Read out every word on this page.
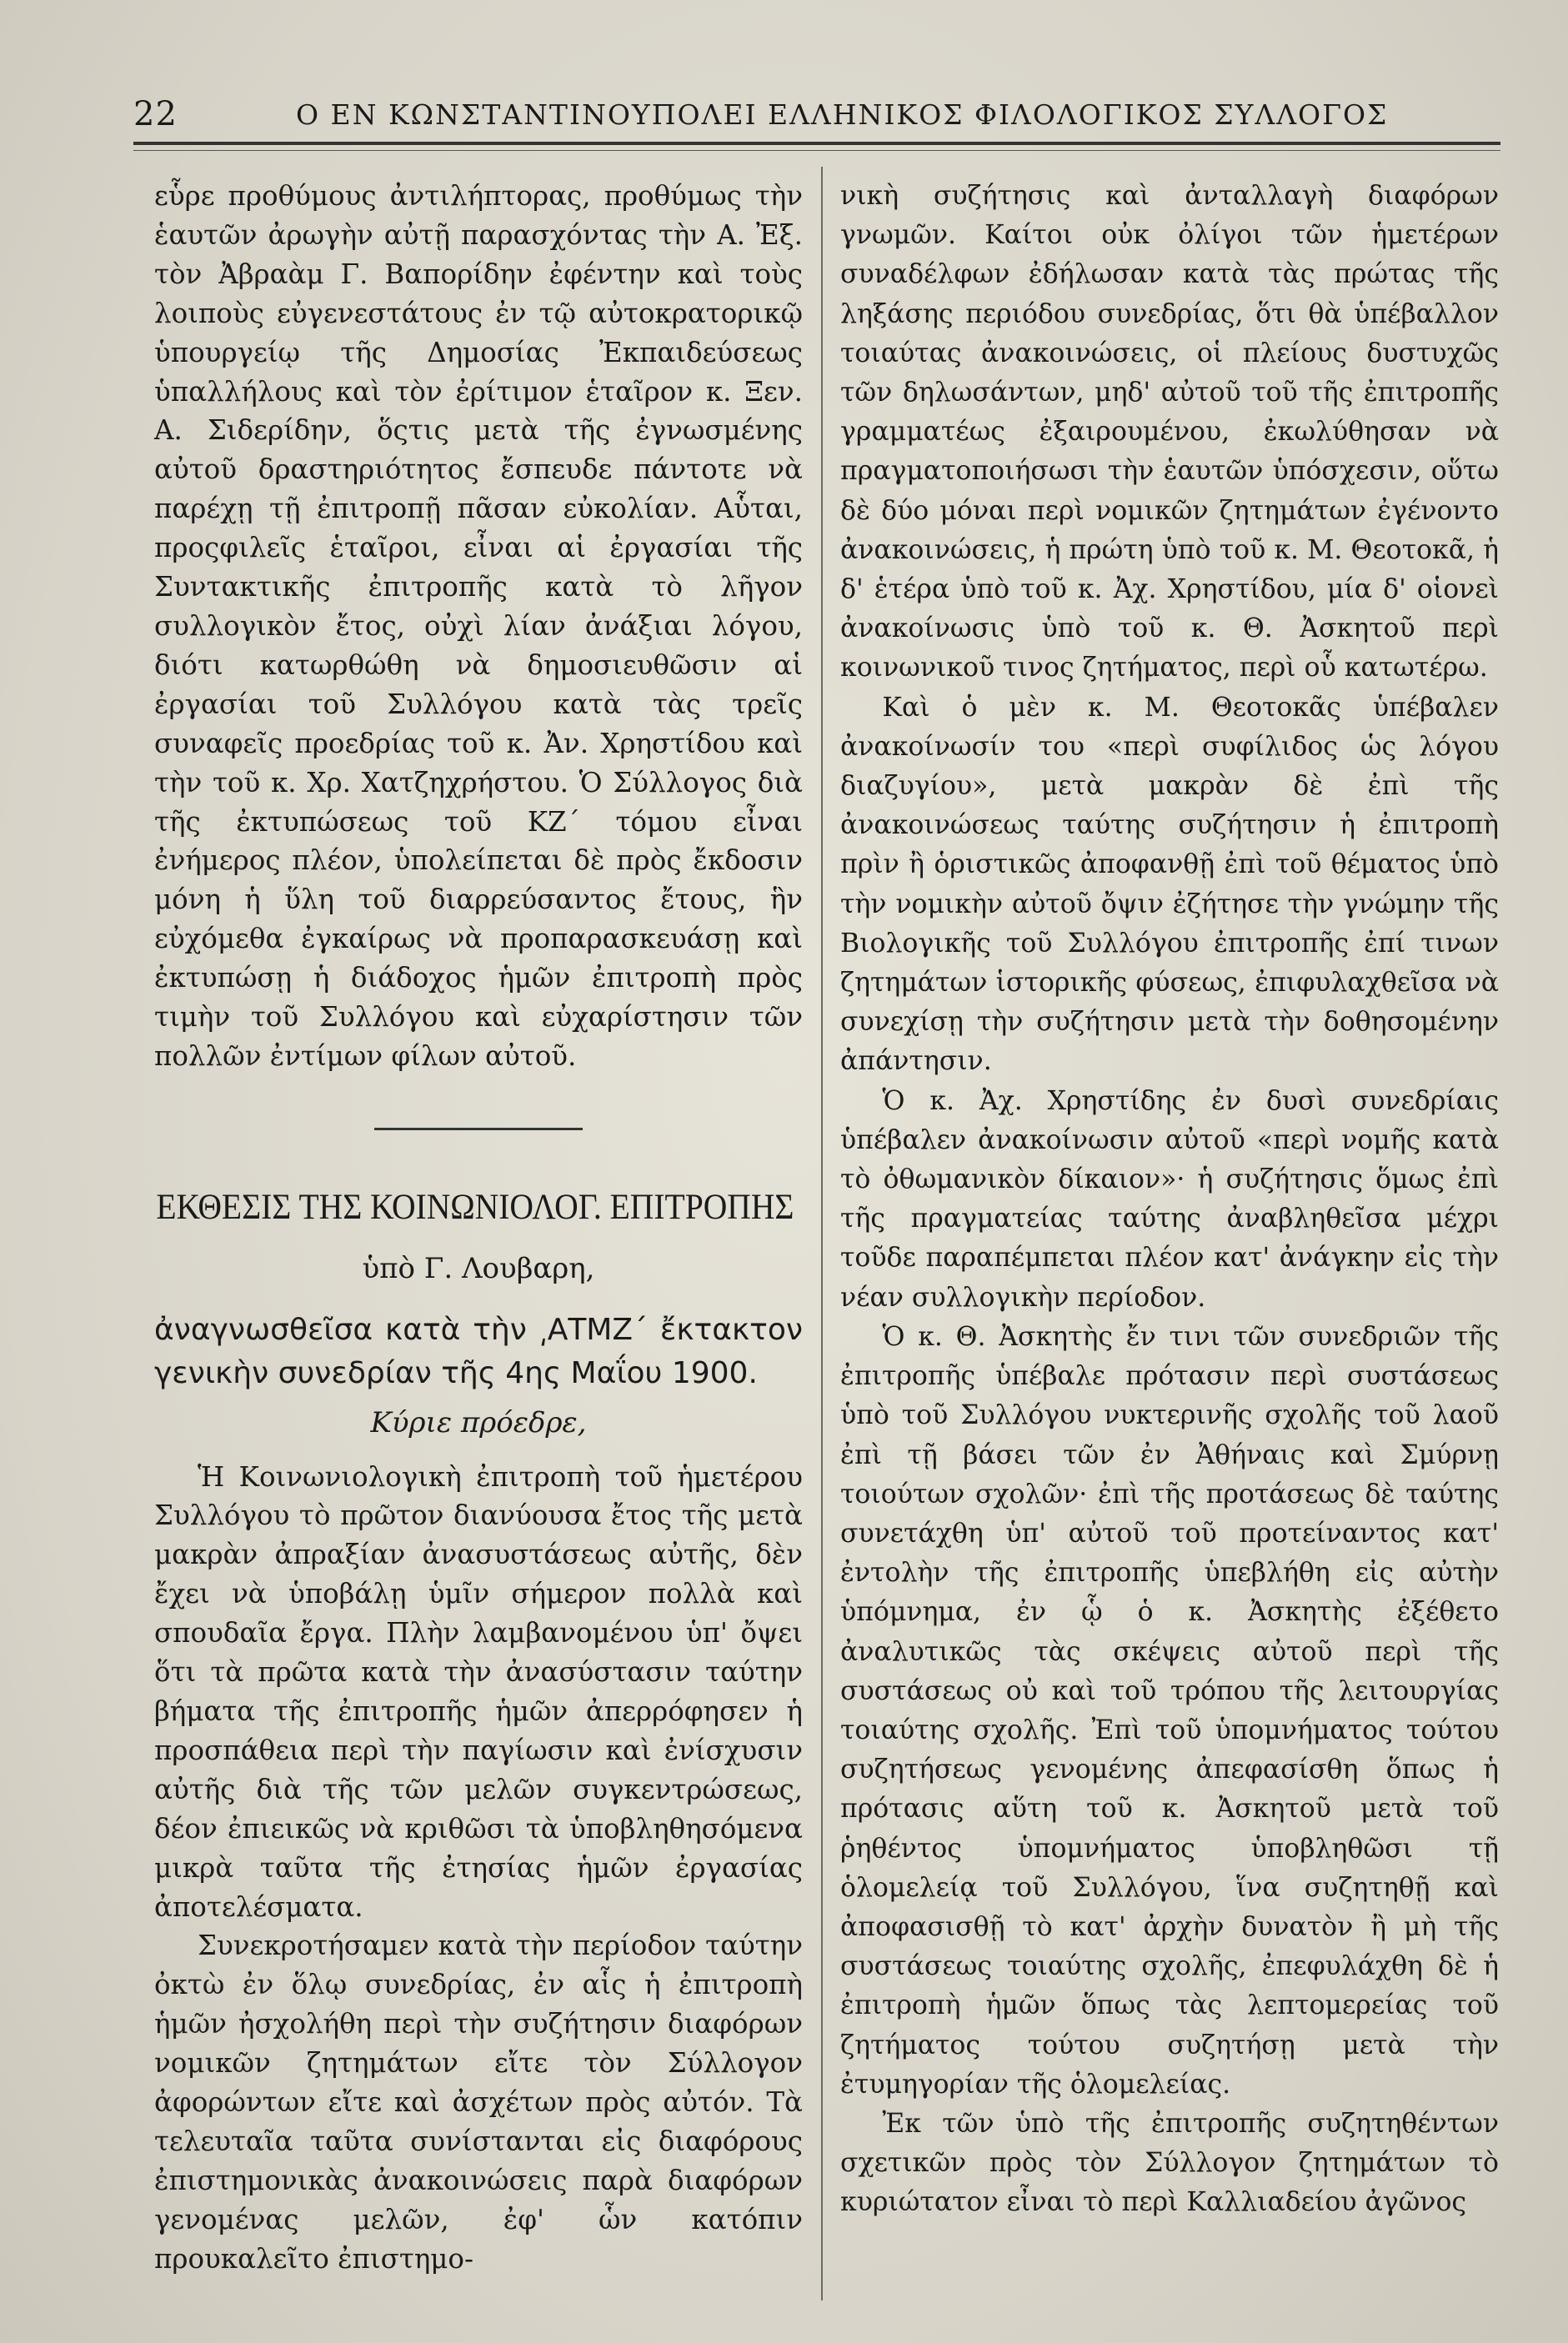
22	Ο ΕΝ ΚΩΝΣΤΑΝΤΙΝΟΥΠΟΛΕΙ ΕΛΛΗΝΙΚΟΣ ΦΙΛΟΛΟΓΙΚΟΣ ΣΥΛΛΟΓΟΣ

εὗρε προθύμους ἀντιλήπτορας, προθύμως τὴν ἑαυτῶν ἀρωγὴν αὐτῇ παρασχόντας τὴν Α. Ἐξ. τὸν Ἀβραὰμ Γ. Βαπορίδην ἐφέντην καὶ τοὺς λοιποὺς εὐγενεστάτους ἐν τῷ αὐτοκρατορικῷ ὑπουργείῳ τῆς Δημοσίας Ἐκπαιδεύσεως ὑπαλλήλους καὶ τὸν ἐρίτιμον ἑταῖρον κ. Ξεν. Α. Σιδερίδην, ὅςτις μετὰ τῆς ἐγνωσμένης αὐτοῦ δραστηριότητος ἔσπευδε πάντοτε νὰ παρέχῃ τῇ ἐπιτροπῇ πᾶσαν εὐκολίαν. Αὗται, προςφιλεῖς ἑταῖροι, εἶναι αἱ ἐργασίαι τῆς Συντακτικῆς ἐπιτροπῆς κατὰ τὸ λῆγον συλλογικὸν ἔτος, οὐχὶ λίαν ἀνάξιαι λόγου, διότι κατωρθώθη νὰ δημοσιευθῶσιν αἱ ἐργασίαι τοῦ Συλλόγου κατὰ τὰς τρεῖς συναφεῖς προεδρίας τοῦ κ. Ἀν. Χρηστίδου καὶ τὴν τοῦ κ. Χρ. Χατζηχρήστου. Ὁ Σύλλογος διὰ τῆς ἐκτυπώσεως τοῦ ΚΖ΄ τόμου εἶναι ἐνήμερος πλέον, ὑπολείπεται δὲ πρὸς ἔκδοσιν μόνη ἡ ὕλη τοῦ διαρρεύσαντος ἔτους, ἣν εὐχόμεθα ἐγκαίρως νὰ προπαρασκευάσῃ καὶ ἐκτυπώσῃ ἡ διάδοχος ἡμῶν ἐπιτροπὴ πρὸς τιμὴν τοῦ Συλλόγου καὶ εὐχαρίστησιν τῶν πολλῶν ἐντίμων φίλων αὐτοῦ.

ΕΚΘΕΣΙΣ ΤΗΣ ΚΟΙΝΩΝΙΟΛΟΓ. ΕΠΙΤΡΟΠΗΣ
ὑπὸ Γ. Λουβαρη,

ἀναγνωσθεῖσα κατὰ τὴν ͵ΑΤΜΖ΄ ἔκτακτον γενικὴν συνεδρίαν τῆς 4ης Μαΐου 1900.

Κύριε πρόεδρε,

Ἡ Κοινωνιολογικὴ ἐπιτροπὴ τοῦ ἡμετέρου Συλλόγου τὸ πρῶτον διανύουσα ἔτος τῆς μετὰ μακρὰν ἀπραξίαν ἀνασυστάσεως αὐτῆς, δὲν ἔχει νὰ ὑποβάλῃ ὑμῖν σήμερον πολλὰ καὶ σπουδαῖα ἔργα. Πλὴν λαμβανομένου ὑπ' ὄψει ὅτι τὰ πρῶτα κατὰ τὴν ἀνασύστασιν ταύτην βήματα τῆς ἐπιτροπῆς ἡμῶν ἀπερρόφησεν ἡ προσπάθεια περὶ τὴν παγίωσιν καὶ ἐνίσχυσιν αὐτῆς διὰ τῆς τῶν μελῶν συγκεντρώσεως, δέον ἐπιεικῶς νὰ κριθῶσι τὰ ὑποβληθησόμενα μικρὰ ταῦτα τῆς ἐτησίας ἡμῶν ἐργασίας ἀποτελέσματα.

Συνεκροτήσαμεν κατὰ τὴν περίοδον ταύτην ὀκτὼ ἐν ὅλῳ συνεδρίας, ἐν αἷς ἡ ἐπιτροπὴ ἡμῶν ἠσχολήθη περὶ τὴν συζήτησιν διαφόρων νομικῶν ζητημάτων εἴτε τὸν Σύλλογον ἀφορώντων εἴτε καὶ ἀσχέτων πρὸς αὐτόν. Τὰ τελευταῖα ταῦτα συνίστανται εἰς διαφόρους ἐπιστημονικὰς ἀνακοινώσεις παρὰ διαφόρων γενομένας μελῶν, ἐφ' ὧν κατόπιν προυκαλεῖτο ἐπιστημο-

νικὴ συζήτησις καὶ ἀνταλλαγὴ διαφόρων γνωμῶν. Καίτοι οὐκ ὀλίγοι τῶν ἡμετέρων συναδέλφων ἐδήλωσαν κατὰ τὰς πρώτας τῆς ληξάσης περιόδου συνεδρίας, ὅτι θὰ ὑπέβαλλον τοιαύτας ἀνακοινώσεις, οἱ πλείους δυστυχῶς τῶν δηλωσάντων, μηδ' αὐτοῦ τοῦ τῆς ἐπιτροπῆς γραμματέως ἐξαιρουμένου, ἐκωλύθησαν νὰ πραγματοποιήσωσι τὴν ἑαυτῶν ὑπόσχεσιν, οὕτω δὲ δύο μόναι περὶ νομικῶν ζητημάτων ἐγένοντο ἀνακοινώσεις, ἡ πρώτη ὑπὸ τοῦ κ. Μ. Θεοτοκᾶ, ἡ δ' ἑτέρα ὑπὸ τοῦ κ. Ἀχ. Χρηστίδου, μία δ' οἱονεὶ ἀνακοίνωσις ὑπὸ τοῦ κ. Θ. Ἀσκητοῦ περὶ κοινωνικοῦ τινος ζητήματος, περὶ οὗ κατωτέρω.

Καὶ ὁ μὲν κ. Μ. Θεοτοκᾶς ὑπέβαλεν ἀνακοίνωσίν του «περὶ συφίλιδος ὡς λόγου διαζυγίου», μετὰ μακρὰν δὲ ἐπὶ τῆς ἀνακοινώσεως ταύτης συζήτησιν ἡ ἐπιτροπὴ πρὶν ἢ ὁριστικῶς ἀποφανθῇ ἐπὶ τοῦ θέματος ὑπὸ τὴν νομικὴν αὐτοῦ ὄψιν ἐζήτησε τὴν γνώμην τῆς Βιολογικῆς τοῦ Συλλόγου ἐπιτροπῆς ἐπί τινων ζητημάτων ἱστορικῆς φύσεως, ἐπιφυλαχθεῖσα νὰ συνεχίσῃ τὴν συζήτησιν μετὰ τὴν δοθησομένην ἀπάντησιν.

Ὁ κ. Ἀχ. Χρηστίδης ἐν δυσὶ συνεδρίαις ὑπέβαλεν ἀνακοίνωσιν αὐτοῦ «περὶ νομῆς κατὰ τὸ ὀθωμανικὸν δίκαιον»· ἡ συζήτησις ὅμως ἐπὶ τῆς πραγματείας ταύτης ἀναβληθεῖσα μέχρι τοῦδε παραπέμπεται πλέον κατ' ἀνάγκην εἰς τὴν νέαν συλλογικὴν περίοδον.

Ὁ κ. Θ. Ἀσκητὴς ἔν τινι τῶν συνεδριῶν τῆς ἐπιτροπῆς ὑπέβαλε πρότασιν περὶ συστάσεως ὑπὸ τοῦ Συλλόγου νυκτερινῆς σχολῆς τοῦ λαοῦ ἐπὶ τῇ βάσει τῶν ἐν Ἀθήναις καὶ Σμύρνῃ τοιούτων σχολῶν· ἐπὶ τῆς προτάσεως δὲ ταύτης συνετάχθη ὑπ' αὐτοῦ τοῦ προτείναντος κατ' ἐντολὴν τῆς ἐπιτροπῆς ὑπεβλήθη εἰς αὐτὴν ὑπόμνημα, ἐν ᾧ ὁ κ. Ἀσκητὴς ἐξέθετο ἀναλυτικῶς τὰς σκέψεις αὐτοῦ περὶ τῆς συστάσεως οὐ καὶ τοῦ τρόπου τῆς λειτουργίας τοιαύτης σχολῆς. Ἐπὶ τοῦ ὑπομνήματος τούτου συζητήσεως γενομένης ἀπεφασίσθη ὅπως ἡ πρότασις αὕτη τοῦ κ. Ἀσκητοῦ μετὰ τοῦ ῥηθέντος ὑπομνήματος ὑποβληθῶσι τῇ ὁλομελείᾳ τοῦ Συλλόγου, ἵνα συζητηθῇ καὶ ἀποφασισθῇ τὸ κατ' ἀρχὴν δυνατὸν ἢ μὴ τῆς συστάσεως τοιαύτης σχολῆς, ἐπεφυλάχθη δὲ ἡ ἐπιτροπὴ ἡμῶν ὅπως τὰς λεπτομερείας τοῦ ζητήματος τούτου συζητήσῃ μετὰ τὴν ἐτυμηγορίαν τῆς ὁλομελείας.

Ἐκ τῶν ὑπὸ τῆς ἐπιτροπῆς συζητηθέντων σχετικῶν πρὸς τὸν Σύλλογον ζητημάτων τὸ κυριώτατον εἶναι τὸ περὶ Καλλιαδείου ἀγῶνος
